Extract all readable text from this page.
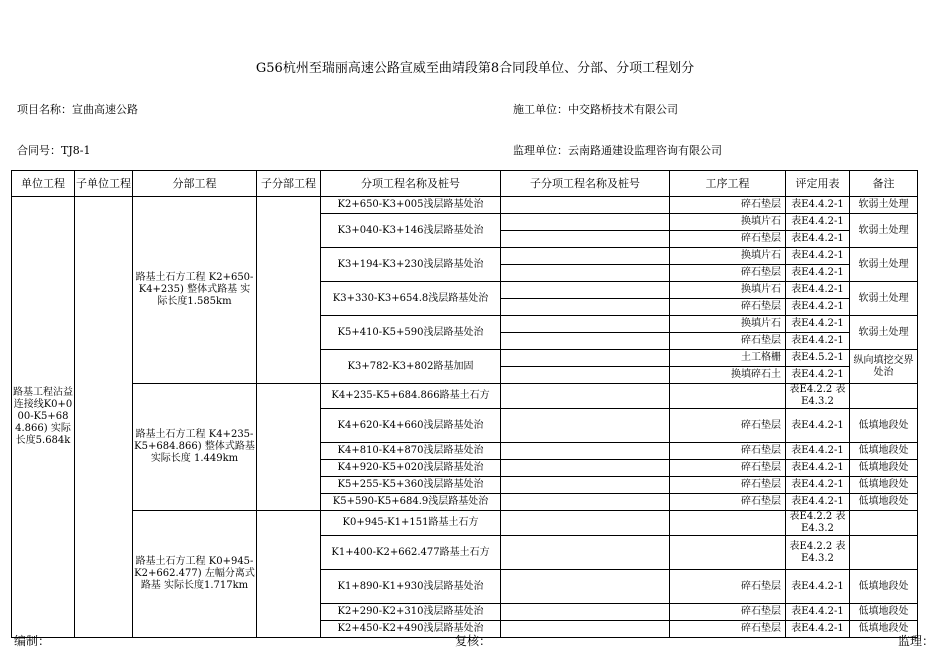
G56杭州至瑞丽高速公路宣威至曲靖段第8合同段单位、分部、分项工程划分
项目名称：宣曲高速公路	施工单位：中交路桥技术有限公司
合同号：TJ8-1	监理单位：云南路通建设监理咨询有限公司
单位工程	子单位工程	分部工程	子分部工程	分项工程名称及桩号	子分项工程名称及桩号	工序工程	评定用表	备注
路基工程沾益连接线K0+000-K5+684.866) 实际长度5.684k		路基土石方工程 K2+650-K4+235) 整体式路基 实际长度1.585km		K2+650-K3+005浅层路基处治		碎石垫层	表E4.4.2-1	软弱土处理
				K3+040-K3+146浅层路基处治		换填片石	表E4.4.2-1	软弱土处理
						碎石垫层	表E4.4.2-1	
				K3+194-K3+230浅层路基处治		换填片石	表E4.4.2-1	软弱土处理
						碎石垫层	表E4.4.2-1	
				K3+330-K3+654.8浅层路基处治		换填片石	表E4.4.2-1	软弱土处理
						碎石垫层	表E4.4.2-1	
				K5+410-K5+590浅层路基处治		换填片石	表E4.4.2-1	软弱土处理
						碎石垫层	表E4.4.2-1	
				K3+782-K3+802路基加固		土工格栅	表E4.5.2-1	纵向填挖交界处治
						换填碎石土	表E4.4.2-1	
		路基土石方工程 K4+235-K5+684.866) 整体式路基实际长度 1.449km		K4+235-K5+684.866路基土石方			表E4.2.2 表E4.3.2	
				K4+620-K4+660浅层路基处治		碎石垫层	表E4.4.2-1	低填地段处
				K4+810-K4+870浅层路基处治		碎石垫层	表E4.4.2-1	低填地段处
				K4+920-K5+020浅层路基处治		碎石垫层	表E4.4.2-1	低填地段处
				K5+255-K5+360浅层路基处治		碎石垫层	表E4.4.2-1	低填地段处
				K5+590-K5+684.9浅层路基处治		碎石垫层	表E4.4.2-1	低填地段处
		路基土石方工程 K0+945-K2+662.477) 左幅分离式路基 实际长度1.717km		K0+945-K1+151路基土石方			表E4.2.2 表E4.3.2	
				K1+400-K2+662.477路基土石方			表E4.2.2 表E4.3.2	
				K1+890-K1+930浅层路基处治		碎石垫层	表E4.4.2-1	低填地段处
				K2+290-K2+310浅层路基处治		碎石垫层	表E4.4.2-1	低填地段处
				K2+450-K2+490浅层路基处治		碎石垫层	表E4.4.2-1	低填地段处
编制：	复核：	监理：
